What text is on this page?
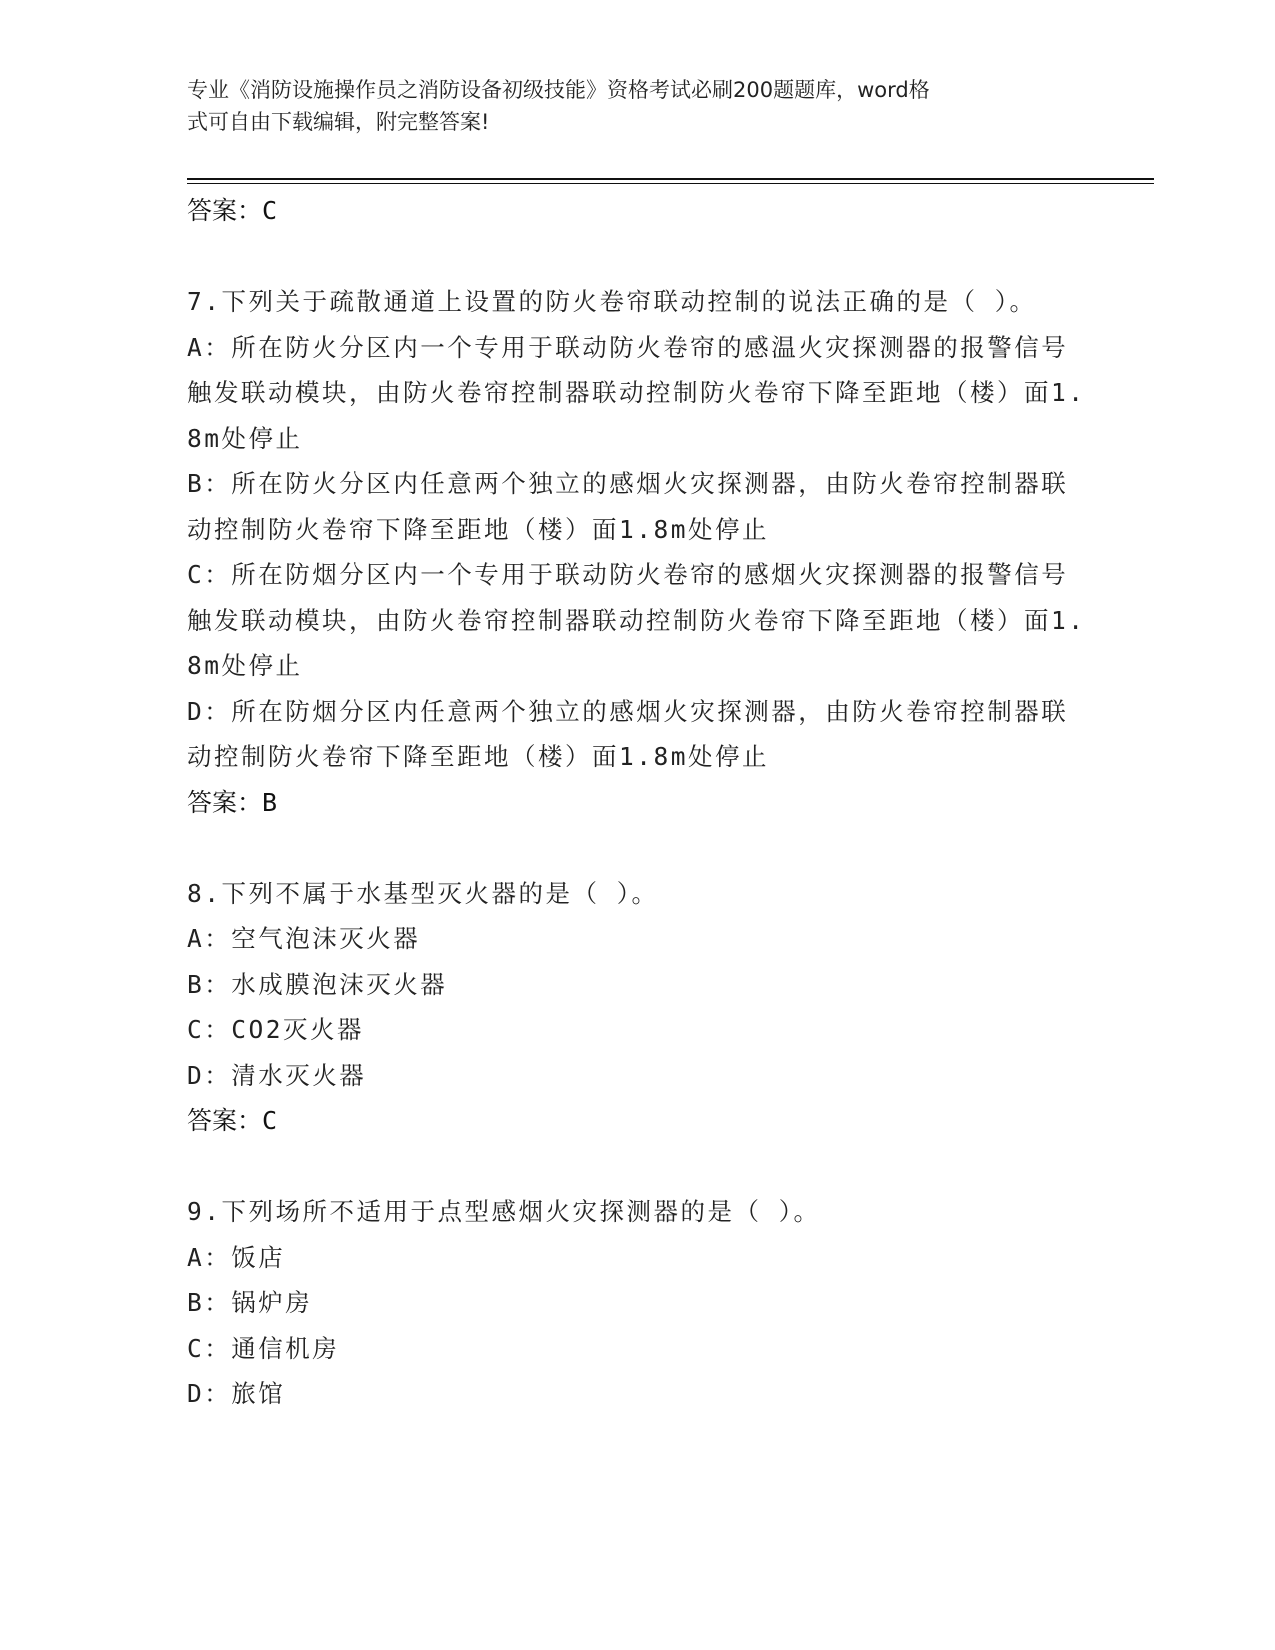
专业《消防设施操作员之消防设备初级技能》资格考试必刷200题题库，word格
式可自由下载编辑，附完整答案!
答案：C
7.下列关于疏散通道上设置的防火卷帘联动控制的说法正确的是（ ）。
A：所在防火分区内一个专用于联动防火卷帘的感温火灾探测器的报警信号触发联动模块，由防火卷帘控制器联动控制防火卷帘下降至距地（楼）面1.8m处停止
B：所在防火分区内任意两个独立的感烟火灾探测器，由防火卷帘控制器联动控制防火卷帘下降至距地（楼）面1.8m处停止
C：所在防烟分区内一个专用于联动防火卷帘的感烟火灾探测器的报警信号触发联动模块，由防火卷帘控制器联动控制防火卷帘下降至距地（楼）面1.8m处停止
D：所在防烟分区内任意两个独立的感烟火灾探测器，由防火卷帘控制器联动控制防火卷帘下降至距地（楼）面1.8m处停止
答案：B
8.下列不属于水基型灭火器的是（ ）。
A：空气泡沫灭火器
B：水成膜泡沫灭火器
C：CO2灭火器
D：清水灭火器
答案：C
9.下列场所不适用于点型感烟火灾探测器的是（ ）。
A：饭店
B：锅炉房
C：通信机房
D：旅馆
